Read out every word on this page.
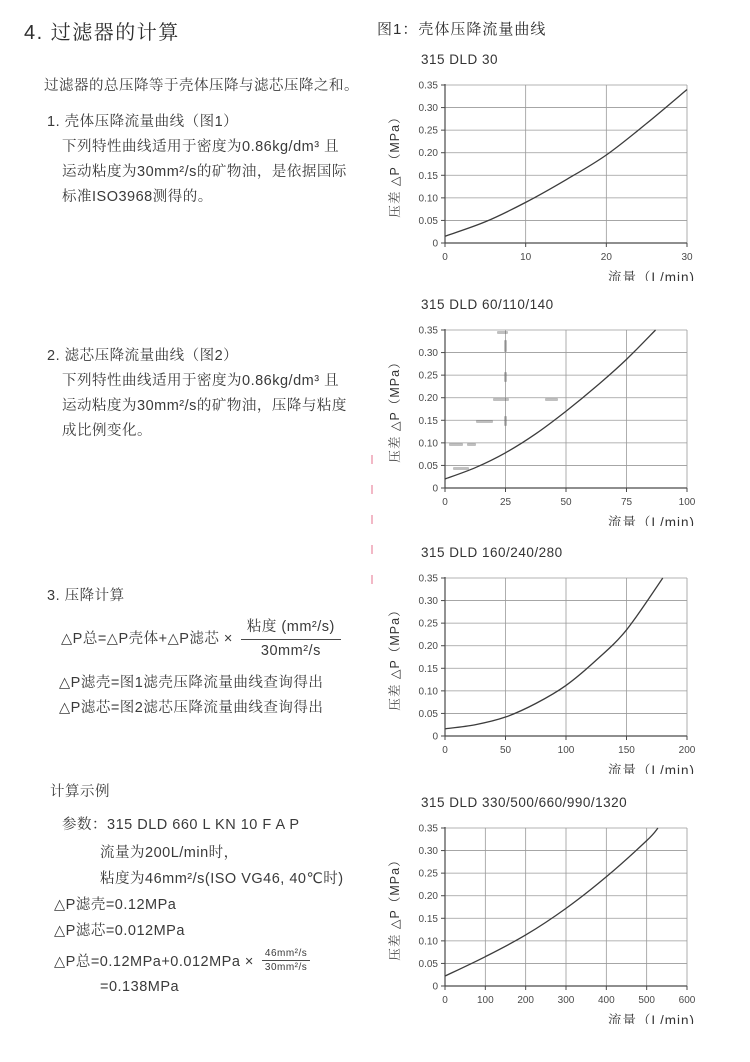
4. 过滤器的计算
过滤器的总压降等于壳体压降与滤芯压降之和。
1. 壳体压降流量曲线（图1）
下列特性曲线适用于密度为0.86kg/dm³ 且
运动粘度为30mm²/s的矿物油，是依据国际
标准ISO3968测得的。
2. 滤芯压降流量曲线（图2）
下列特性曲线适用于密度为0.86kg/dm³ 且
运动粘度为30mm²/s的矿物油，压降与粘度
成比例变化。
3. 压降计算
△P总=△P壳体+△P滤芯 × $\frac{\text{粘度 (mm²/s)}}{\text{30mm²/s}}$
△P滤壳=图1滤壳压降流量曲线查询得出
△P滤芯=图2滤芯压降流量曲线查询得出
计算示例
参数：315 DLD 660 L KN 10 F A P
流量为200L/min时，
粘度为46mm²/s(ISO VG46, 40℃时)
△P滤壳=0.12MPa
△P滤芯=0.012MPa
△P总$=0.12MPa+0.012MPa \times \frac{\text{46mm²/s}}{\text{30mm²/s}}$
=0.138MPa
图1：壳体压降流量曲线
315 DLD 30
0
0.05
0.10
0.15
0.20
0.25
0.30
0.35
0	10	20	30
压差 △P（MPa）
流量（L/min)
315 DLD 60/110/140
0
0.05
0.10
0.15
0.20
0.25
0.30
0.35
0	25	50	75	100
压差 △P（MPa）
流量（L/min)
315 DLD 160/240/280
0
0.05
0.10
0.15
0.20
0.25
0.30
0.35
0	50	100	150	200
压差 △P（MPa）
流量（L/min)
315 DLD 330/500/660/990/1320
0
0.05
0.10
0.15
0.20
0.25
0.30
0.35
0	100 200 300 400 500 600
压差 △P（MPa）
流量（L/min)
